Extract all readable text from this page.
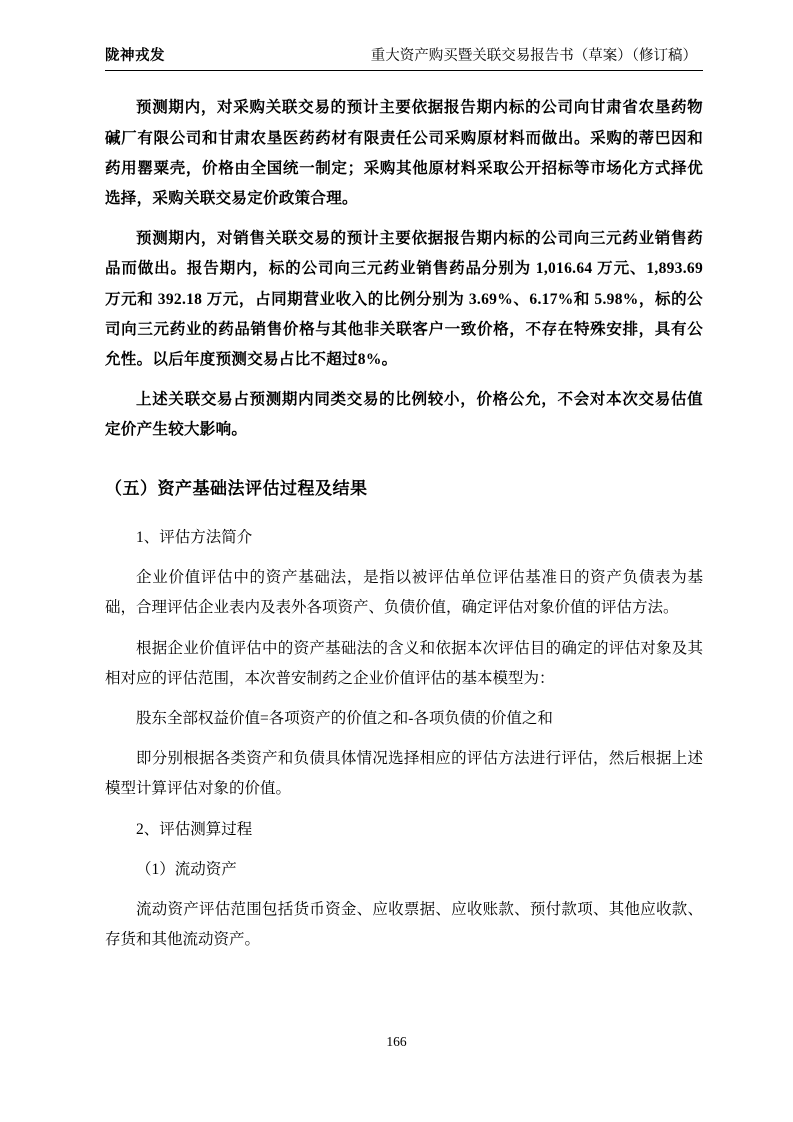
陇神戎发	重大资产购买暨关联交易报告书（草案）（修订稿）

预测期内，对采购关联交易的预计主要依据报告期内标的公司向甘肃省农垦药物碱厂有限公司和甘肃农垦医药药材有限责任公司采购原材料而做出。采购的蒂巴因和药用罂粟壳，价格由全国统一制定；采购其他原材料采取公开招标等市场化方式择优选择，采购关联交易定价政策合理。

预测期内，对销售关联交易的预计主要依据报告期内标的公司向三元药业销售药品而做出。报告期内，标的公司向三元药业销售药品分别为 1,016.64 万元、1,893.69 万元和 392.18 万元，占同期营业收入的比例分别为 3.69%、6.17%和 5.98%，标的公司向三元药业的药品销售价格与其他非关联客户一致价格，不存在特殊安排，具有公允性。以后年度预测交易占比不超过8%。

上述关联交易占预测期内同类交易的比例较小，价格公允，不会对本次交易估值定价产生较大影响。

（五）资产基础法评估过程及结果

1、评估方法简介

企业价值评估中的资产基础法，是指以被评估单位评估基准日的资产负债表为基础，合理评估企业表内及表外各项资产、负债价值，确定评估对象价值的评估方法。

根据企业价值评估中的资产基础法的含义和依据本次评估目的确定的评估对象及其相对应的评估范围，本次普安制药之企业价值评估的基本模型为：

股东全部权益价值=各项资产的价值之和-各项负债的价值之和

即分别根据各类资产和负债具体情况选择相应的评估方法进行评估，然后根据上述模型计算评估对象的价值。

2、评估测算过程

（1）流动资产

流动资产评估范围包括货币资金、应收票据、应收账款、预付款项、其他应收款、存货和其他流动资产。

166
